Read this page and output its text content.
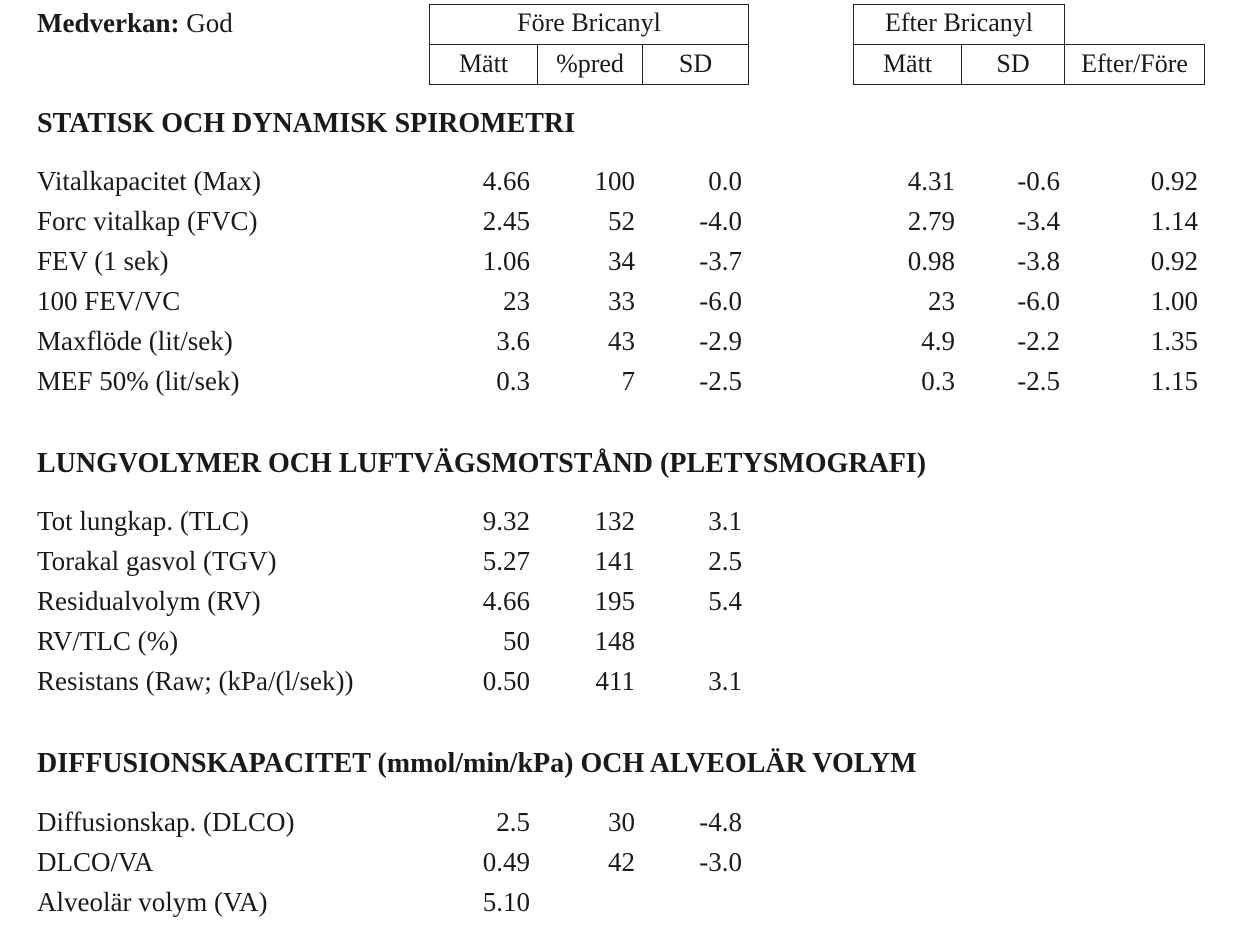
Medverkan: God	Före Bricanyl
Mätt	%pred	SD
Efter Bricanyl
Mätt	SD	Efter/Före
STATISK OCH DYNAMISK SPIROMETRI
Vitalkapacitet (Max)	4.66	100	0.0	4.31	-0.6	0.92
Forc vitalkap (FVC)	2.45	52	-4.0	2.79	-3.4	1.14
FEV (1 sek)	1.06	34	-3.7	0.98	-3.8	0.92
100 FEV/VC	23	33	-6.0	23	-6.0	1.00
Maxflöde (lit/sek)	3.6	43	-2.9	4.9	-2.2	1.35
MEF 50% (lit/sek)	0.3	7	-2.5	0.3	-2.5	1.15
LUNGVOLYMER OCH LUFTVÄGSMOTSTÅND (PLETYSMOGRAFI)
Tot lungkap. (TLC)	9.32	132	3.1
Torakal gasvol (TGV)	5.27	141	2.5
Residualvolym (RV)	4.66	195	5.4
RV/TLC (%)	50	148
Resistans (Raw; (kPa/(l/sek))	0.50	411	3.1
DIFFUSIONSKAPACITET (mmol/min/kPa) OCH ALVEOLÄR VOLYM
Diffusionskap. (DLCO)	2.5	30	-4.8
DLCO/VA	0.49	42	-3.0
Alveolär volym (VA)	5.10
